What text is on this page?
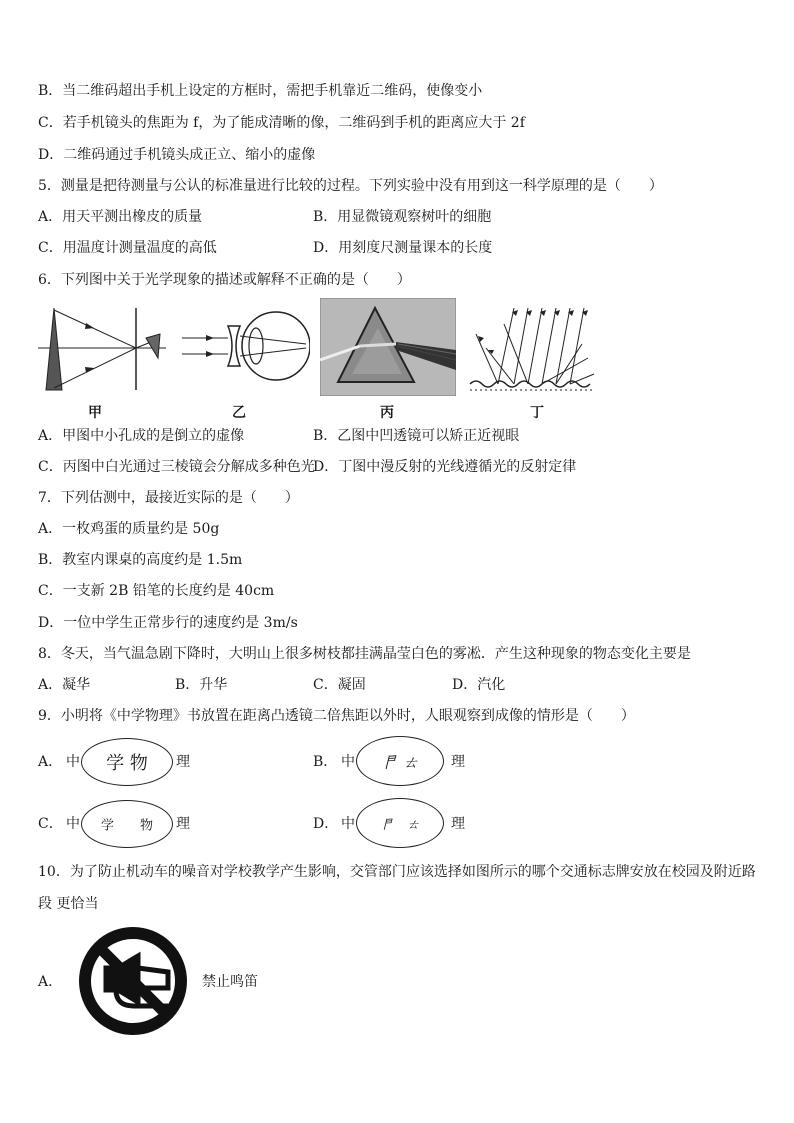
B．当二维码超出手机上设定的方框时，需把手机靠近二维码，使像变小
C．若手机镜头的焦距为 f，为了能成清晰的像，二维码到手机的距离应大于 2f
D．二维码通过手机镜头成正立、缩小的虚像
5．测量是把待测量与公认的标准量进行比较的过程。下列实验中没有用到这一科学原理的是（　　）
A．用天平测出橡皮的质量	B．用显微镜观察树叶的细胞
C．用温度计测量温度的高低	D．用刻度尺测量课本的长度
6．下列图中关于光学现象的描述或解释不正确的是（　　）
甲	乙	丙	丁
A．甲图中小孔成的是倒立的虚像	B．乙图中凹透镜可以矫正近视眼
C．丙图中白光通过三棱镜会分解成多种色光
D．丁图中漫反射的光线遵循光的反射定律
7．下列估测中，最接近实际的是（　　）
A．一枚鸡蛋的质量约是 50g
B．教室内课桌的高度约是 1.5m
C．一支新 2B 铅笔的长度约是 40cm
D．一位中学生正常步行的速度约是 3m/s
8．冬天，当气温急剧下降时，大明山上很多树枝都挂满晶莹白色的雾凇．产生这种现象的物态变化主要是
A．凝华	B．升华	C．凝固	D．汽化
9．小明将《中学物理》书放置在距离凸透镜二倍焦距以外时，人眼观察到成像的情形是（　　）
A． 中	学 物	理	B． 中	𠁣 ㄊ	理
C． 中	学　　物	理	D． 中	𠁣　ㄊ	理
10．为了防止机动车的噪音对学校教学产生影响，交管部门应该选择如图所示的哪个交通标志牌安放在校园及附近路
段 更恰当
A．	禁止鸣笛
